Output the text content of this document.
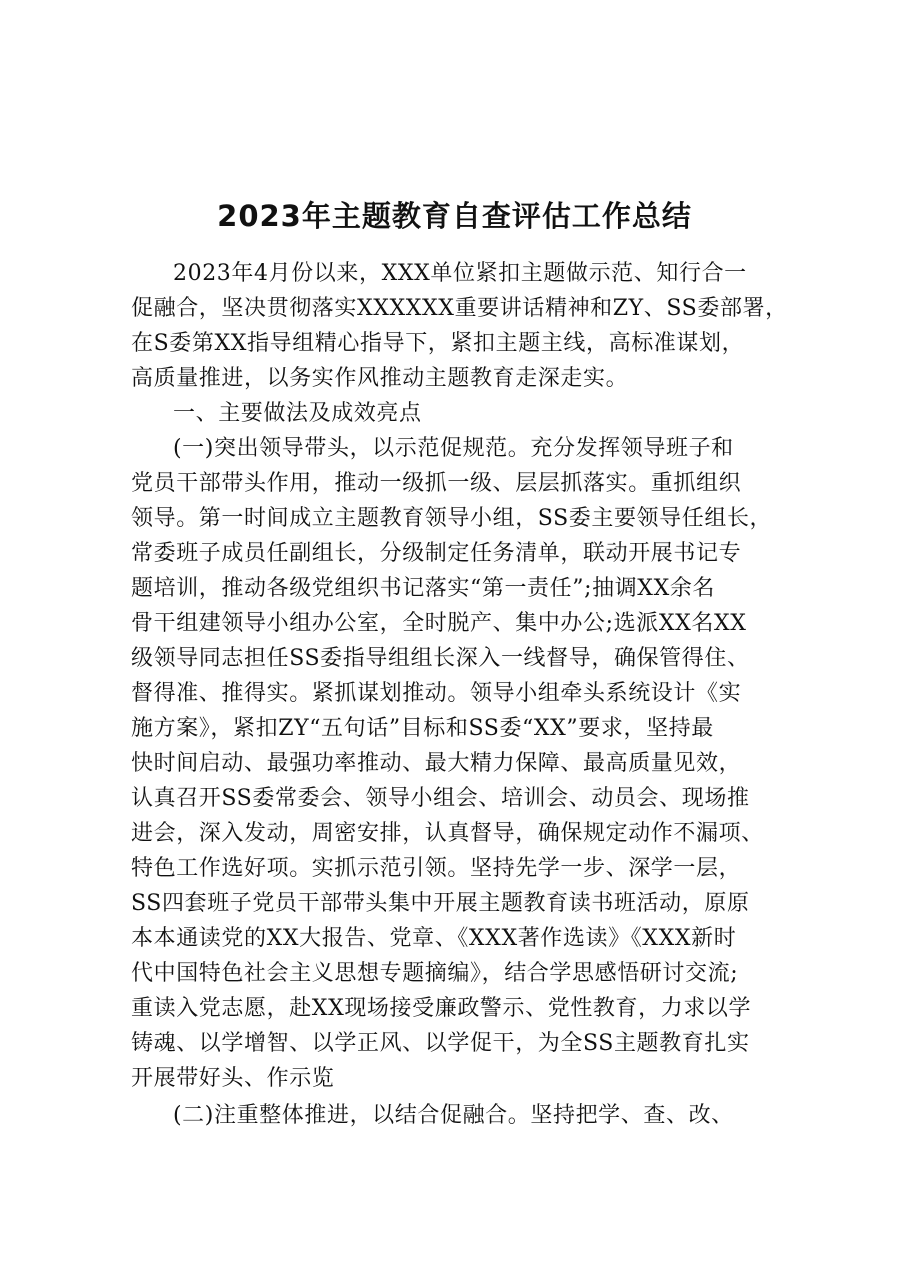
2023年主题教育自查评估工作总结
2023年4月份以来，XXX单位紧扣主题做示范、知行合一
促融合，坚决贯彻落实XXXXXX重要讲话精神和ZY、SS委部署，
在S委第XX指导组精心指导下，紧扣主题主线，高标准谋划，
高质量推进，以务实作风推动主题教育走深走实。
一、主要做法及成效亮点
(一)突出领导带头，以示范促规范。充分发挥领导班子和
党员干部带头作用，推动一级抓一级、层层抓落实。重抓组织
领导。第一时间成立主题教育领导小组，SS委主要领导任组长，
常委班子成员任副组长，分级制定任务清单，联动开展书记专
题培训，推动各级党组织书记落实“第一责任”;抽调XX余名
骨干组建领导小组办公室，全时脱产、集中办公;选派XX名XX
级领导同志担任SS委指导组组长深入一线督导，确保管得住、
督得准、推得实。紧抓谋划推动。领导小组牵头系统设计《实
施方案》，紧扣ZY“五句话”目标和SS委“XX”要求，坚持最
快时间启动、最强功率推动、最大精力保障、最高质量见效，
认真召开SS委常委会、领导小组会、培训会、动员会、现场推
进会，深入发动，周密安排，认真督导，确保规定动作不漏项、
特色工作选好项。实抓示范引领。坚持先学一步、深学一层，
SS四套班子党员干部带头集中开展主题教育读书班活动，原原
本本通读党的XX大报告、党章、《XXX著作选读》《XXX新时
代中国特色社会主义思想专题摘编》，结合学思感悟研讨交流;
重读入党志愿，赴XX现场接受廉政警示、党性教育，力求以学
铸魂、以学增智、以学正风、以学促干，为全SS主题教育扎实
开展带好头、作示览
(二)注重整体推进，以结合促融合。坚持把学、查、改、
